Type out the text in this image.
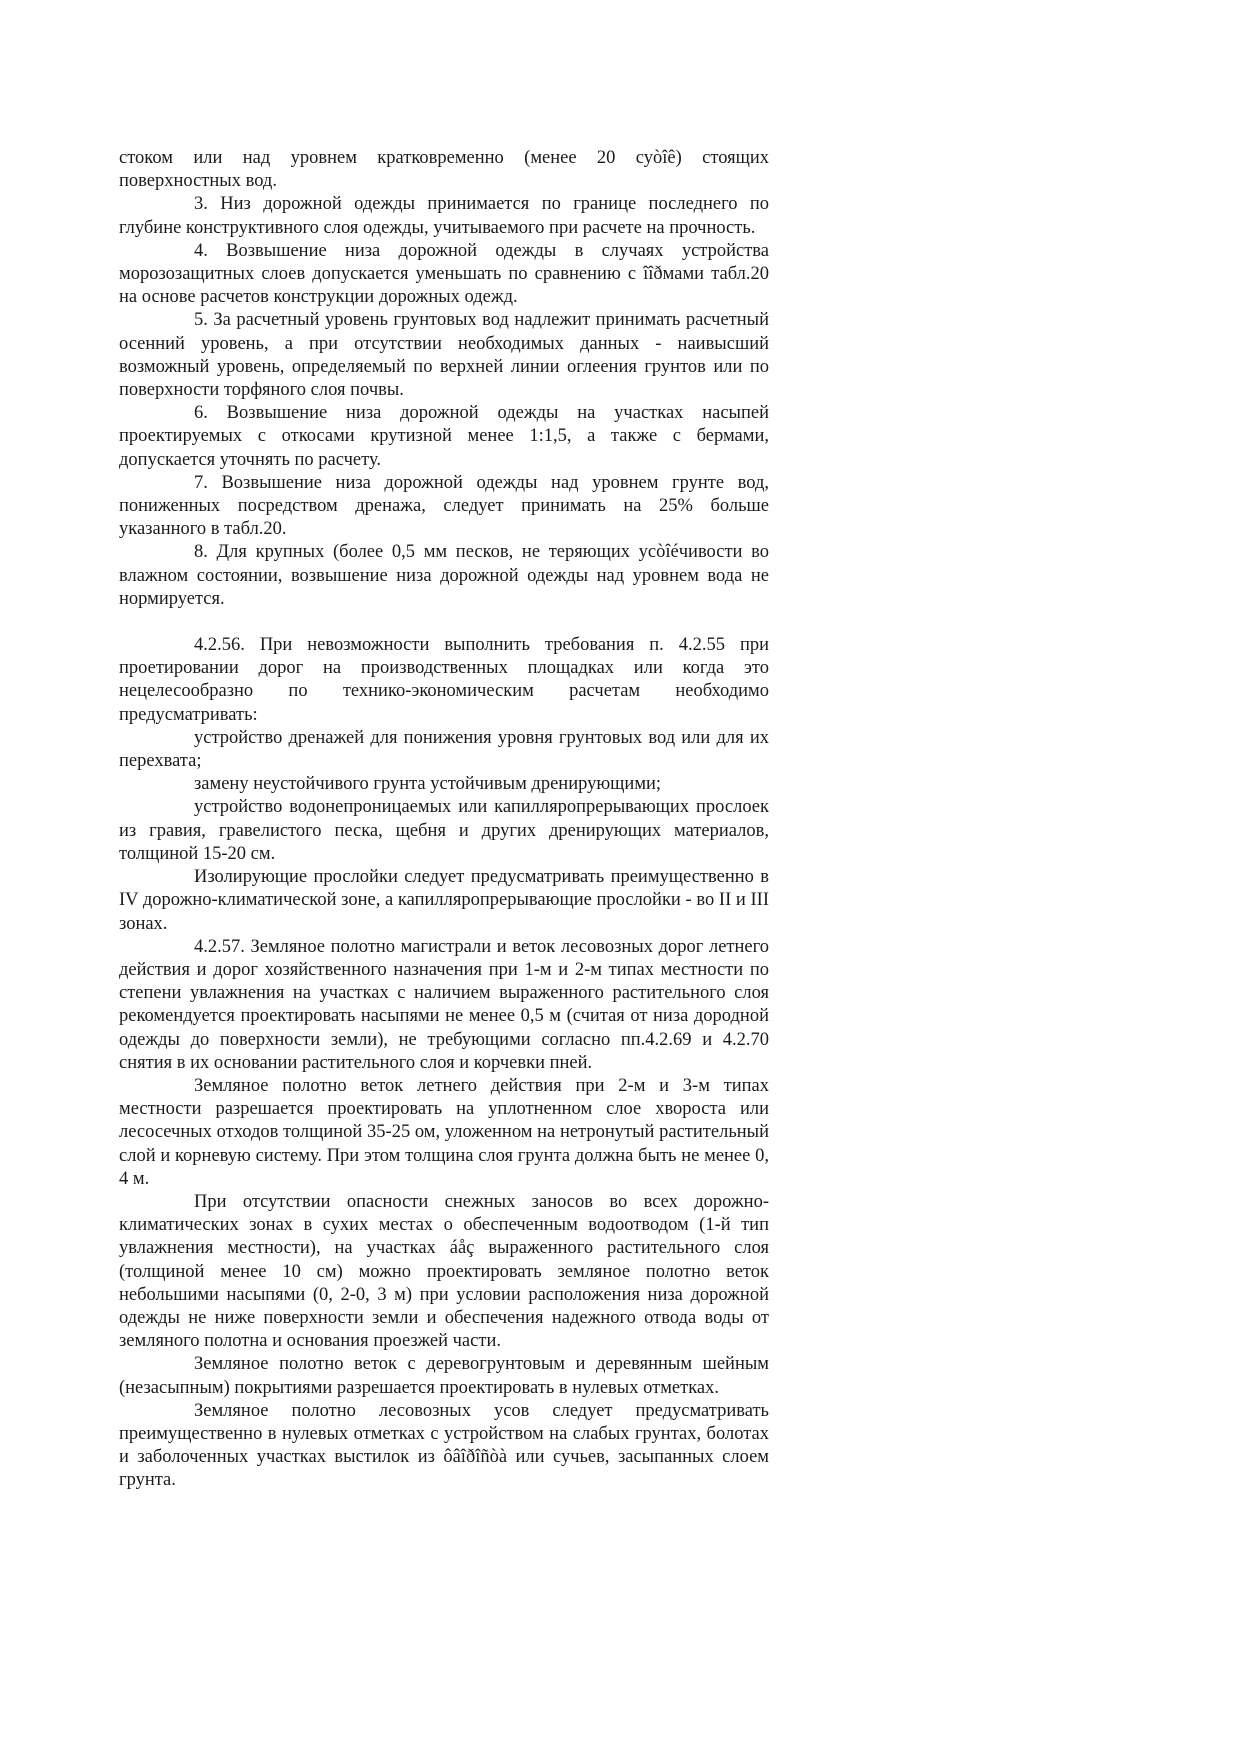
стоком или над уровнем кратковременно (менее 20 суòîê) стоящих поверхностных вод.

3. Низ дорожной одежды принимается по границе последнего по глубине конструктивного слоя одежды, учитываемого при расчете на прочность.

4. Возвышение низа дорожной одежды в случаях устройства морозозащитных слоев допускается уменьшать по сравнению с îîðмами табл.20 на основе расчетов конструкции дорожных одежд.

5. За расчетный уровень грунтовых вод надлежит принимать расчетный осенний уровень, а при отсутствии необходимых данных - наивысший возможный уровень, определяемый по верхней линии оглеения грунтов или по поверхности торфяного слоя почвы.

6. Возвышение низа дорожной одежды на участках насыпей проектируемых с откосами крутизной менее 1:1,5, а также с бермами, допускается уточнять по расчету.

7. Возвышение низа дорожной одежды над уровнем грунте вод, пониженных посредством дренажа, следует принимать на 25% больше указанного в табл.20.

8. Для крупных (более 0,5 мм песков, не теряющих усòîéчивости во влажном состоянии, возвышение низа дорожной одежды над уровнем вода не нормируется.

4.2.56. При невозможности выполнить требования п. 4.2.55 при проетировании дорог на производственных площадках или когда это нецелесообразно по технико-экономическим расчетам необходимо предусматривать:

устройство дренажей для понижения уровня грунтовых вод или для их перехвата;

замену неустойчивого грунта устойчивым дренирующими;

устройство водонепроницаемых или капилляропрерывающих прослоек из гравия, гравелистого песка, щебня и других дренирующих материалов, толщиной 15-20 см.

Изолирующие прослойки следует предусматривать преимущественно в IV дорожно-климатической зоне, а капилляропрерывающие прослойки - во II и III зонах.

4.2.57. Земляное полотно магистрали и веток лесовозных дорог летнего действия и дорог хозяйственного назначения при 1-м и 2-м типах местности по степени увлажнения на участках с наличием выраженного растительного слоя рекомендуется проектировать насыпями не менее 0,5 м (считая от низа дородной одежды до поверхности земли), не требующими согласно пп.4.2.69 и 4.2.70 снятия в их основании растительного слоя и корчевки пней.

Земляное полотно веток летнего действия при 2-м и 3-м типах местности разрешается проектировать на уплотненном слое хвороста или лесосечных отходов толщиной 35-25 ом, уложенном на нетронутый растительный слой и корневую систему. При этом толщина слоя грунта должна быть не менее 0, 4 м.

При отсутствии опасности снежных заносов во всех дорожно-климатических зонах в сухих местах о обеспеченным водоотводом (1-й тип увлажнения местности), на участках áåç выраженного растительного слоя (толщиной менее 10 см) можно проектировать земляное полотно веток небольшими насыпями (0, 2-0, 3 м) при условии расположения низа дорожной одежды не ниже поверхности земли и обеспечения надежного отвода воды от земляного полотна и основания проезжей части.

Земляное полотно веток с деревогрунтовым и деревянным шейным (незасыпным) покрытиями разрешается проектировать в нулевых отметках.

Земляное полотно лесовозных усов следует предусматривать преимущественно в нулевых отметках с устройством на слабых грунтах, болотах и заболоченных участках выстилок из ôâîðîñòà или сучьев, засыпанных слоем грунта.
